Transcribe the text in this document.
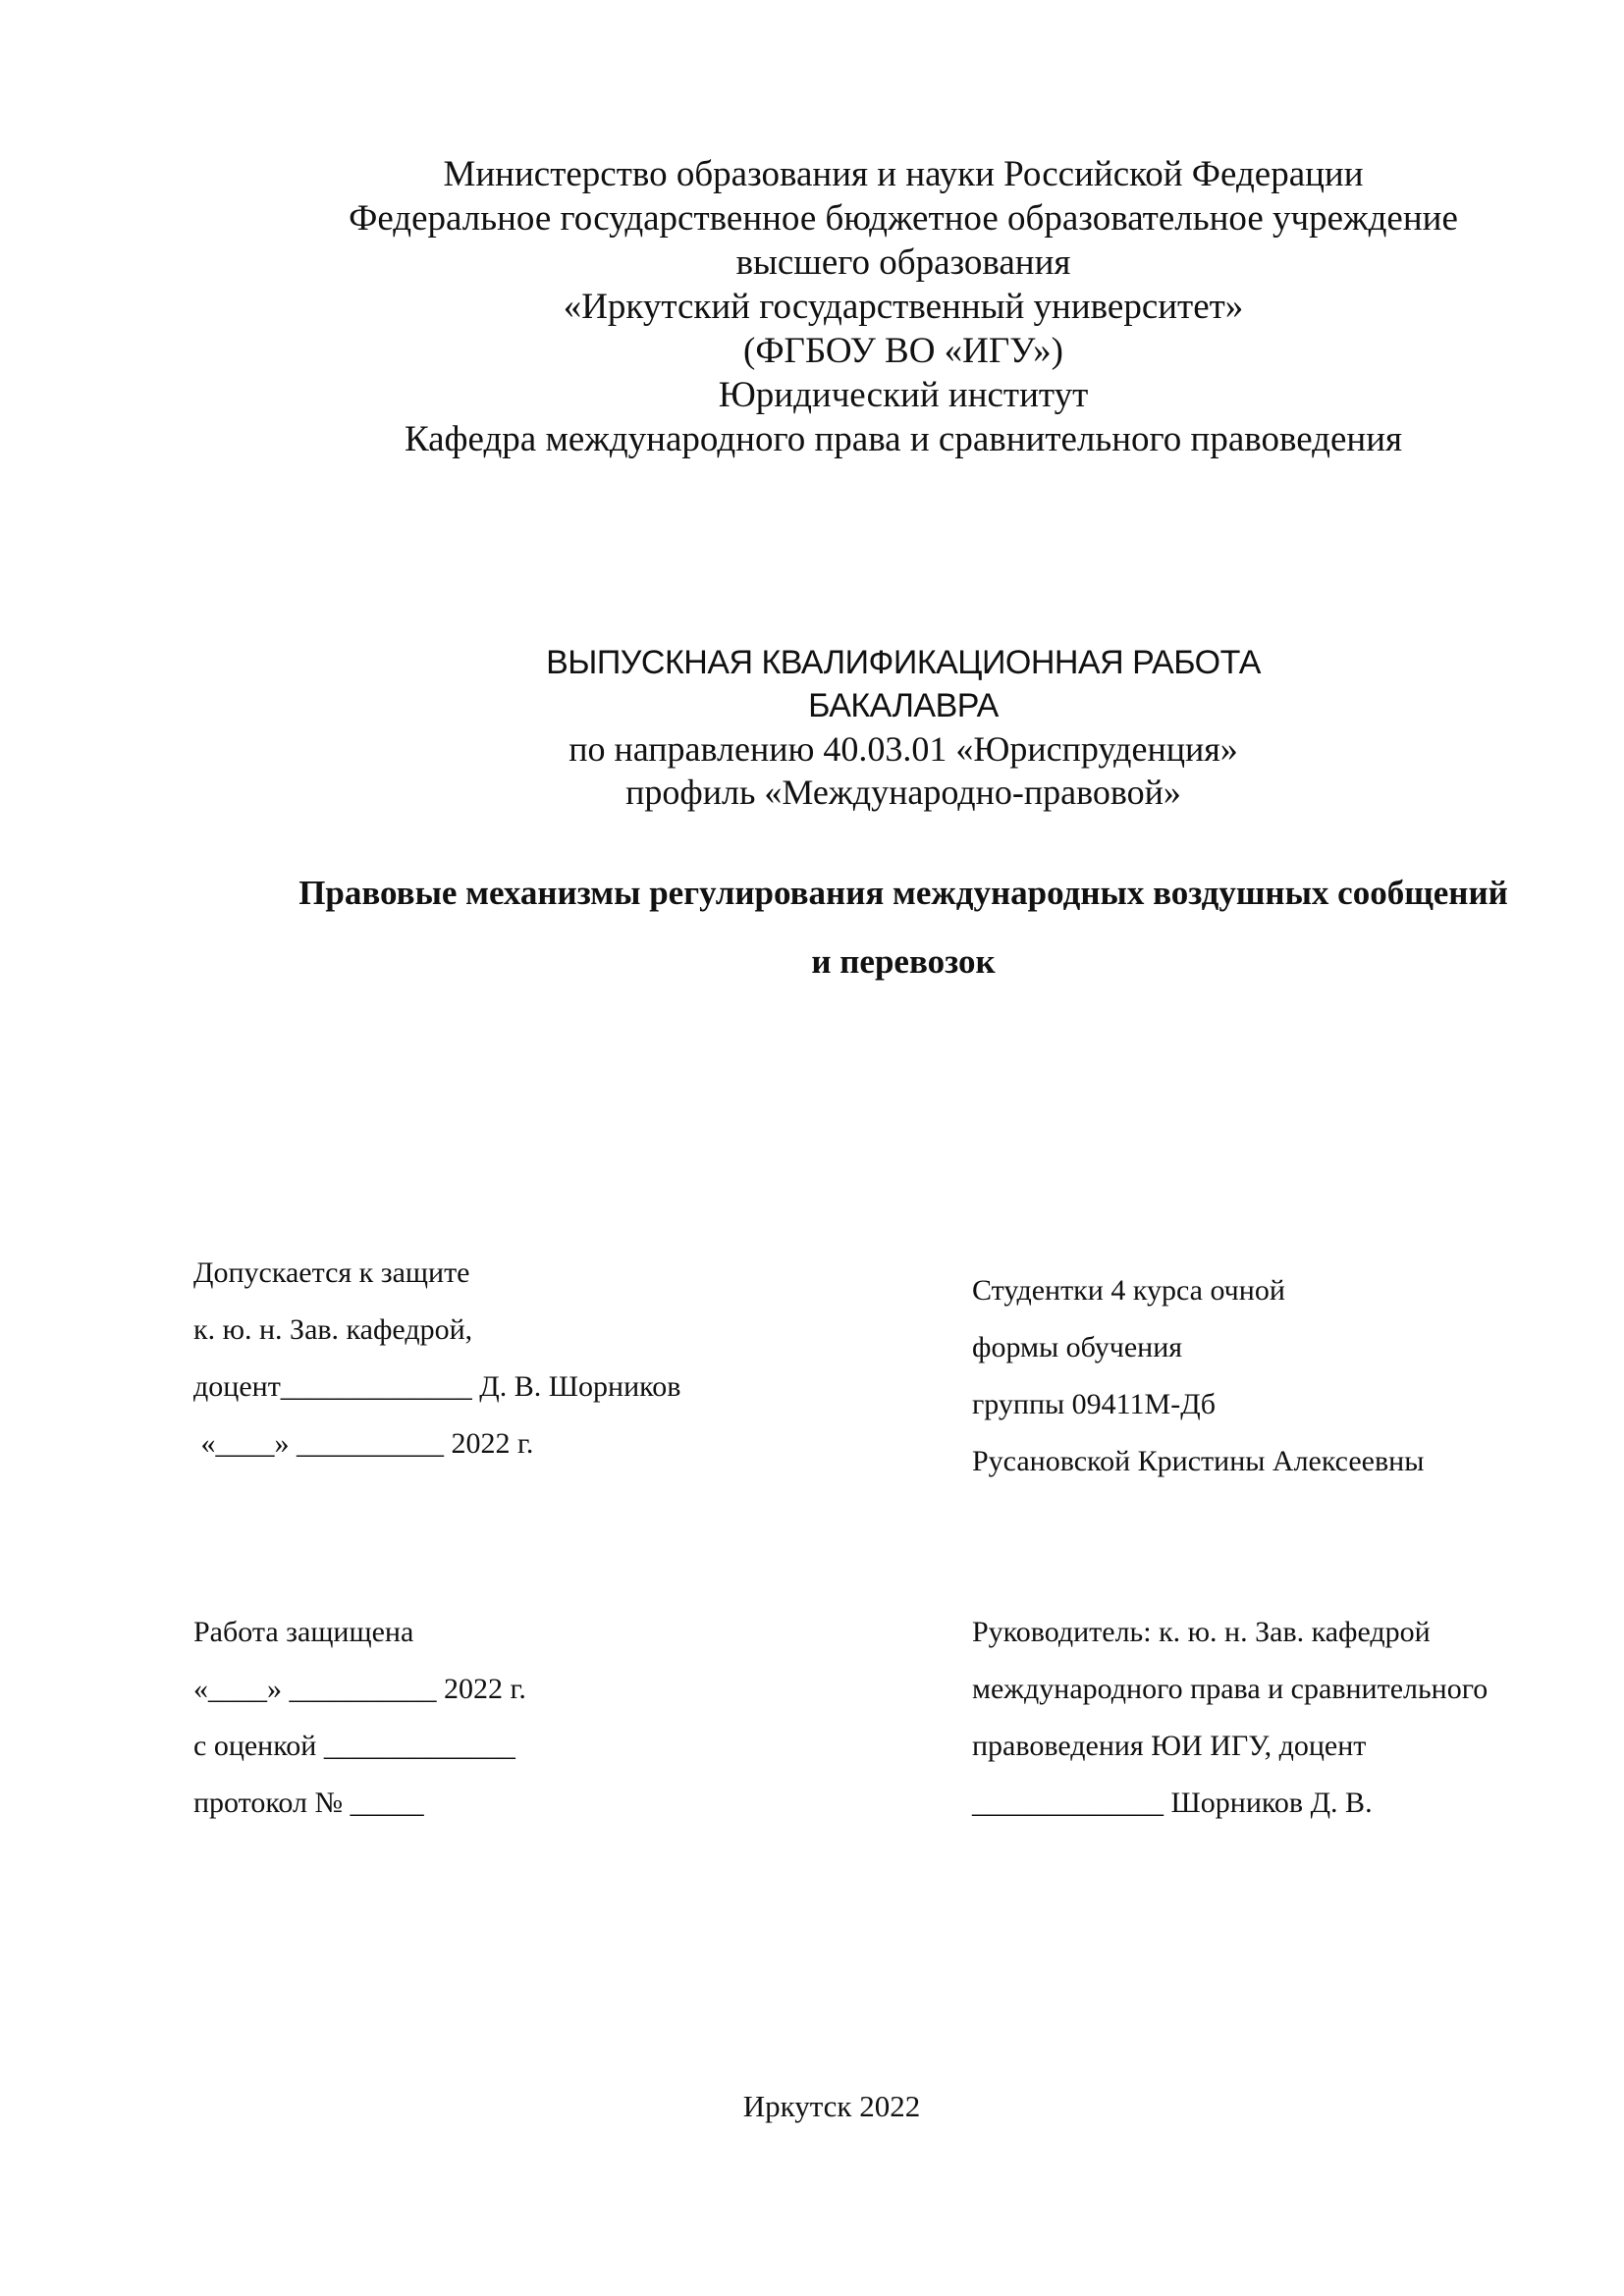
Министерство образования и науки Российской Федерации
Федеральное государственное бюджетное образовательное учреждение
высшего образования
«Иркутский государственный университет»
(ФГБОУ ВО «ИГУ»)
Юридический институт
Кафедра международного права и сравнительного правоведения
ВЫПУСКНАЯ КВАЛИФИКАЦИОННАЯ РАБОТА
БАКАЛАВРА
по направлению 40.03.01 «Юриспруденция»
профиль «Международно-правовой»
Правовые механизмы регулирования международных воздушных сообщений
и перевозок
Допускается к защите
к. ю. н. Зав. кафедрой,
доцент_____________ Д. В. Шорников
«____» __________ 2022 г.
Студентки 4 курса очной
формы обучения
группы 09411М-Дб
Русановской Кристины Алексеевны
Работа защищена
«____» __________ 2022 г.
с оценкой _____________
протокол № _____
Руководитель: к. ю. н. Зав. кафедрой
международного права и сравнительного
правоведения ЮИ ИГУ, доцент
_____________ Шорников Д. В.
Иркутск 2022
